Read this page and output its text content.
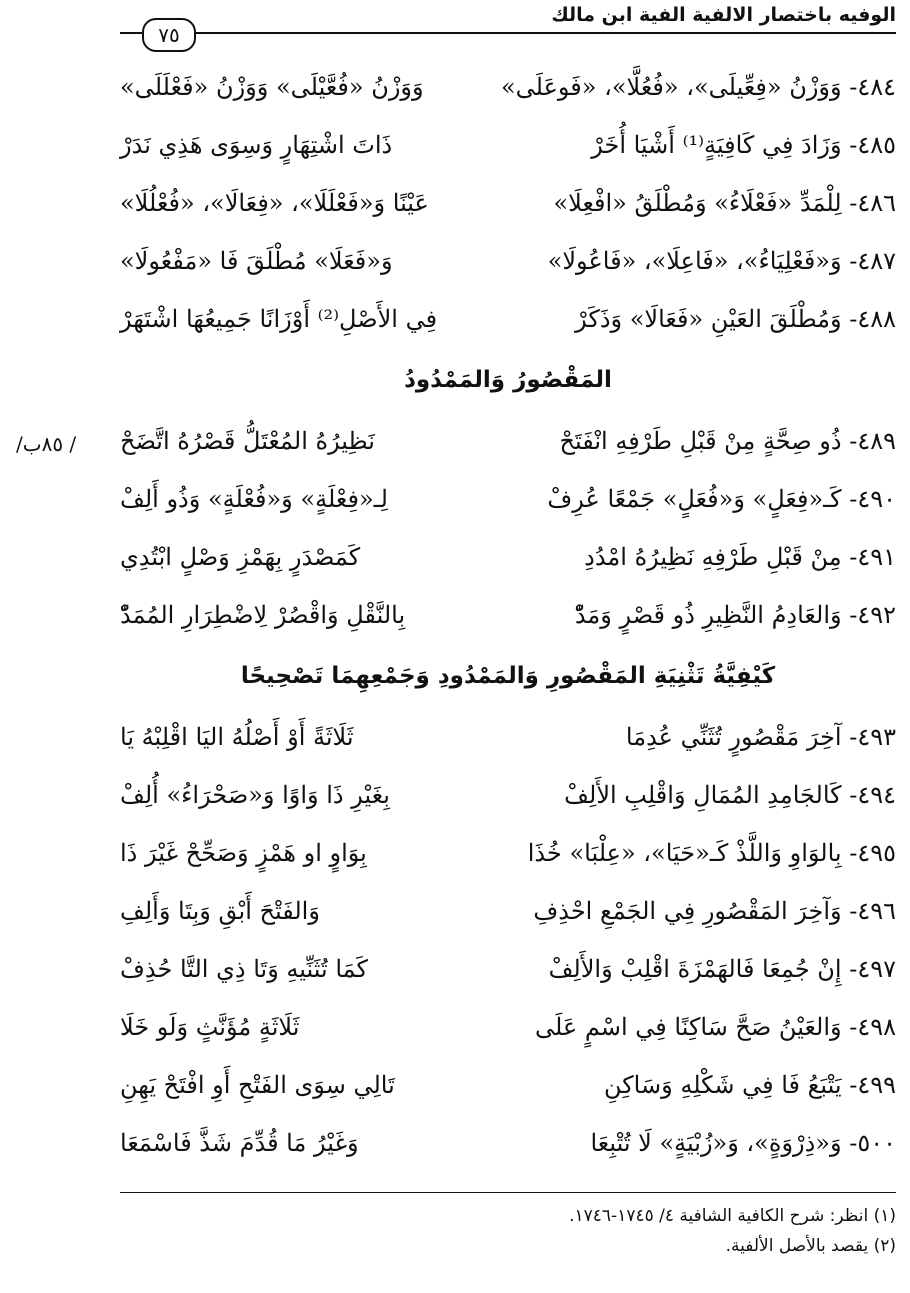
الوفيه باختصار الالفية الفية ابن مالك
٧٥
/ ٨٥ب/
٤٨٤- وَوَزْنُ «فِعِّيلَى»، «فُعُلَّا»، «فَوعَلَى»
وَوَزْنُ «فُعَّيْلَى» وَوَزْنُ «فَعْلَلَى»
٤٨٥- وَزَادَ فِي كَافِيَةٍ⁽¹⁾ أَشْيَا أُخَرْ
ذَاتَ اشْتِهَارٍ وَسِوَى هَذِي نَدَرْ
٤٨٦- لِلْمَدِّ «فَعْلَاءُ» وَمُطْلَقُ «افْعِلَا»
عَيْنًا وَ«فَعْلَلَا»، «فِعَالَا»، «فُعْلُلَا»
٤٨٧- وَ«فَعْلِيَاءُ»، «فَاعِلَا»، «فَاعُولَا»
وَ«فَعَلَا» مُطْلَقَ فَا «مَفْعُولَا»
٤٨٨- وَمُطْلَقَ العَيْنِ «فَعَالَا» وَذَكَرْ
فِي الأَصْلِ⁽²⁾ أَوْزَانًا جَمِيعُهَا اشْتَهَرْ
المَقْصُورُ وَالمَمْدُودُ
٤٨٩- ذُو صِحَّةٍ مِنْ قَبْلِ طَرْفِهِ انْفَتَحْ
نَظِيرُهُ المُعْتَلُّ قَصْرُهُ اتَّضَحْ
٤٩٠- كَـ«فِعَلٍ» وَ«فُعَلٍ» جَمْعًا عُرِفْ
لِـ«فِعْلَةٍ» وَ«فُعْلَةٍ» وَذُو أَلِفْ
٤٩١- مِنْ قَبْلِ طَرْفِهِ نَظِيرُهُ امْدُدِ
كَمَصْدَرٍ بِهَمْزِ وَصْلٍ ابْتُدِي
٤٩٢- وَالعَادِمُ النَّظِيرِ ذُو قَصْرٍ وَمَدّْ
بِالنَّقْلِ وَاقْصُرْ لِاضْطِرَارِ المُمَدّْ
كَيْفِيَّةُ تَثْنِيَةِ المَقْصُورِ وَالمَمْدُودِ وَجَمْعِهِمَا تَصْحِيحًا
٤٩٣- آخِرَ مَقْصُورٍ تُثَنِّي عُدِمَا
ثَلَاثَةً أَوْ أَصْلُهُ اليَا اقْلِبْهُ يَا
٤٩٤- كَالجَامِدِ المُمَالِ وَاقْلِبِ الأَلِفْ
بِغَيْرِ ذَا وَاوًا وَ«صَحْرَاءُ» أُلِفْ
٤٩٥- بِالوَاوِ وَاللَّذْ كَـ«حَيَا»، «عِلْبَا» خُذَا
بِوَاوٍ او هَمْزٍ وَصَحِّحْ غَيْرَ ذَا
٤٩٦- وَآخِرَ المَقْصُورِ فِي الجَمْعِ احْذِفِ
وَالفَتْحَ أَبْقِ وَبِتَا وَأَلِفِ
٤٩٧- إِنْ جُمِعَا فَالهَمْزَةَ اقْلِبْ وَالأَلِفْ
كَمَا تُثَنِّيهِ وَتَا ذِي التَّا حُذِفْ
٤٩٨- وَالعَيْنُ صَحَّ سَاكِنًا فِي اسْمٍ عَلَى
ثَلَاثَةٍ مُؤَنَّثٍ وَلَو خَلَا
٤٩٩- يَتْبَعُ فَا فِي شَكْلِهِ وَسَاكِنِ
تَالِي سِوَى الفَتْحِ أَوِ افْتَحْ يَهِنِ
٥٠٠- وَ«ذِرْوَةٍ»، وَ«زُبْيَةٍ» لَا تُتْبِعَا
وَغَيْرُ مَا قُدِّمَ شَذَّ فَاسْمَعَا
(١) انظر: شرح الكافية الشافية ٤/ ١٧٤٥-١٧٤٦.
(٢) يقصد بالأصل الألفية.
